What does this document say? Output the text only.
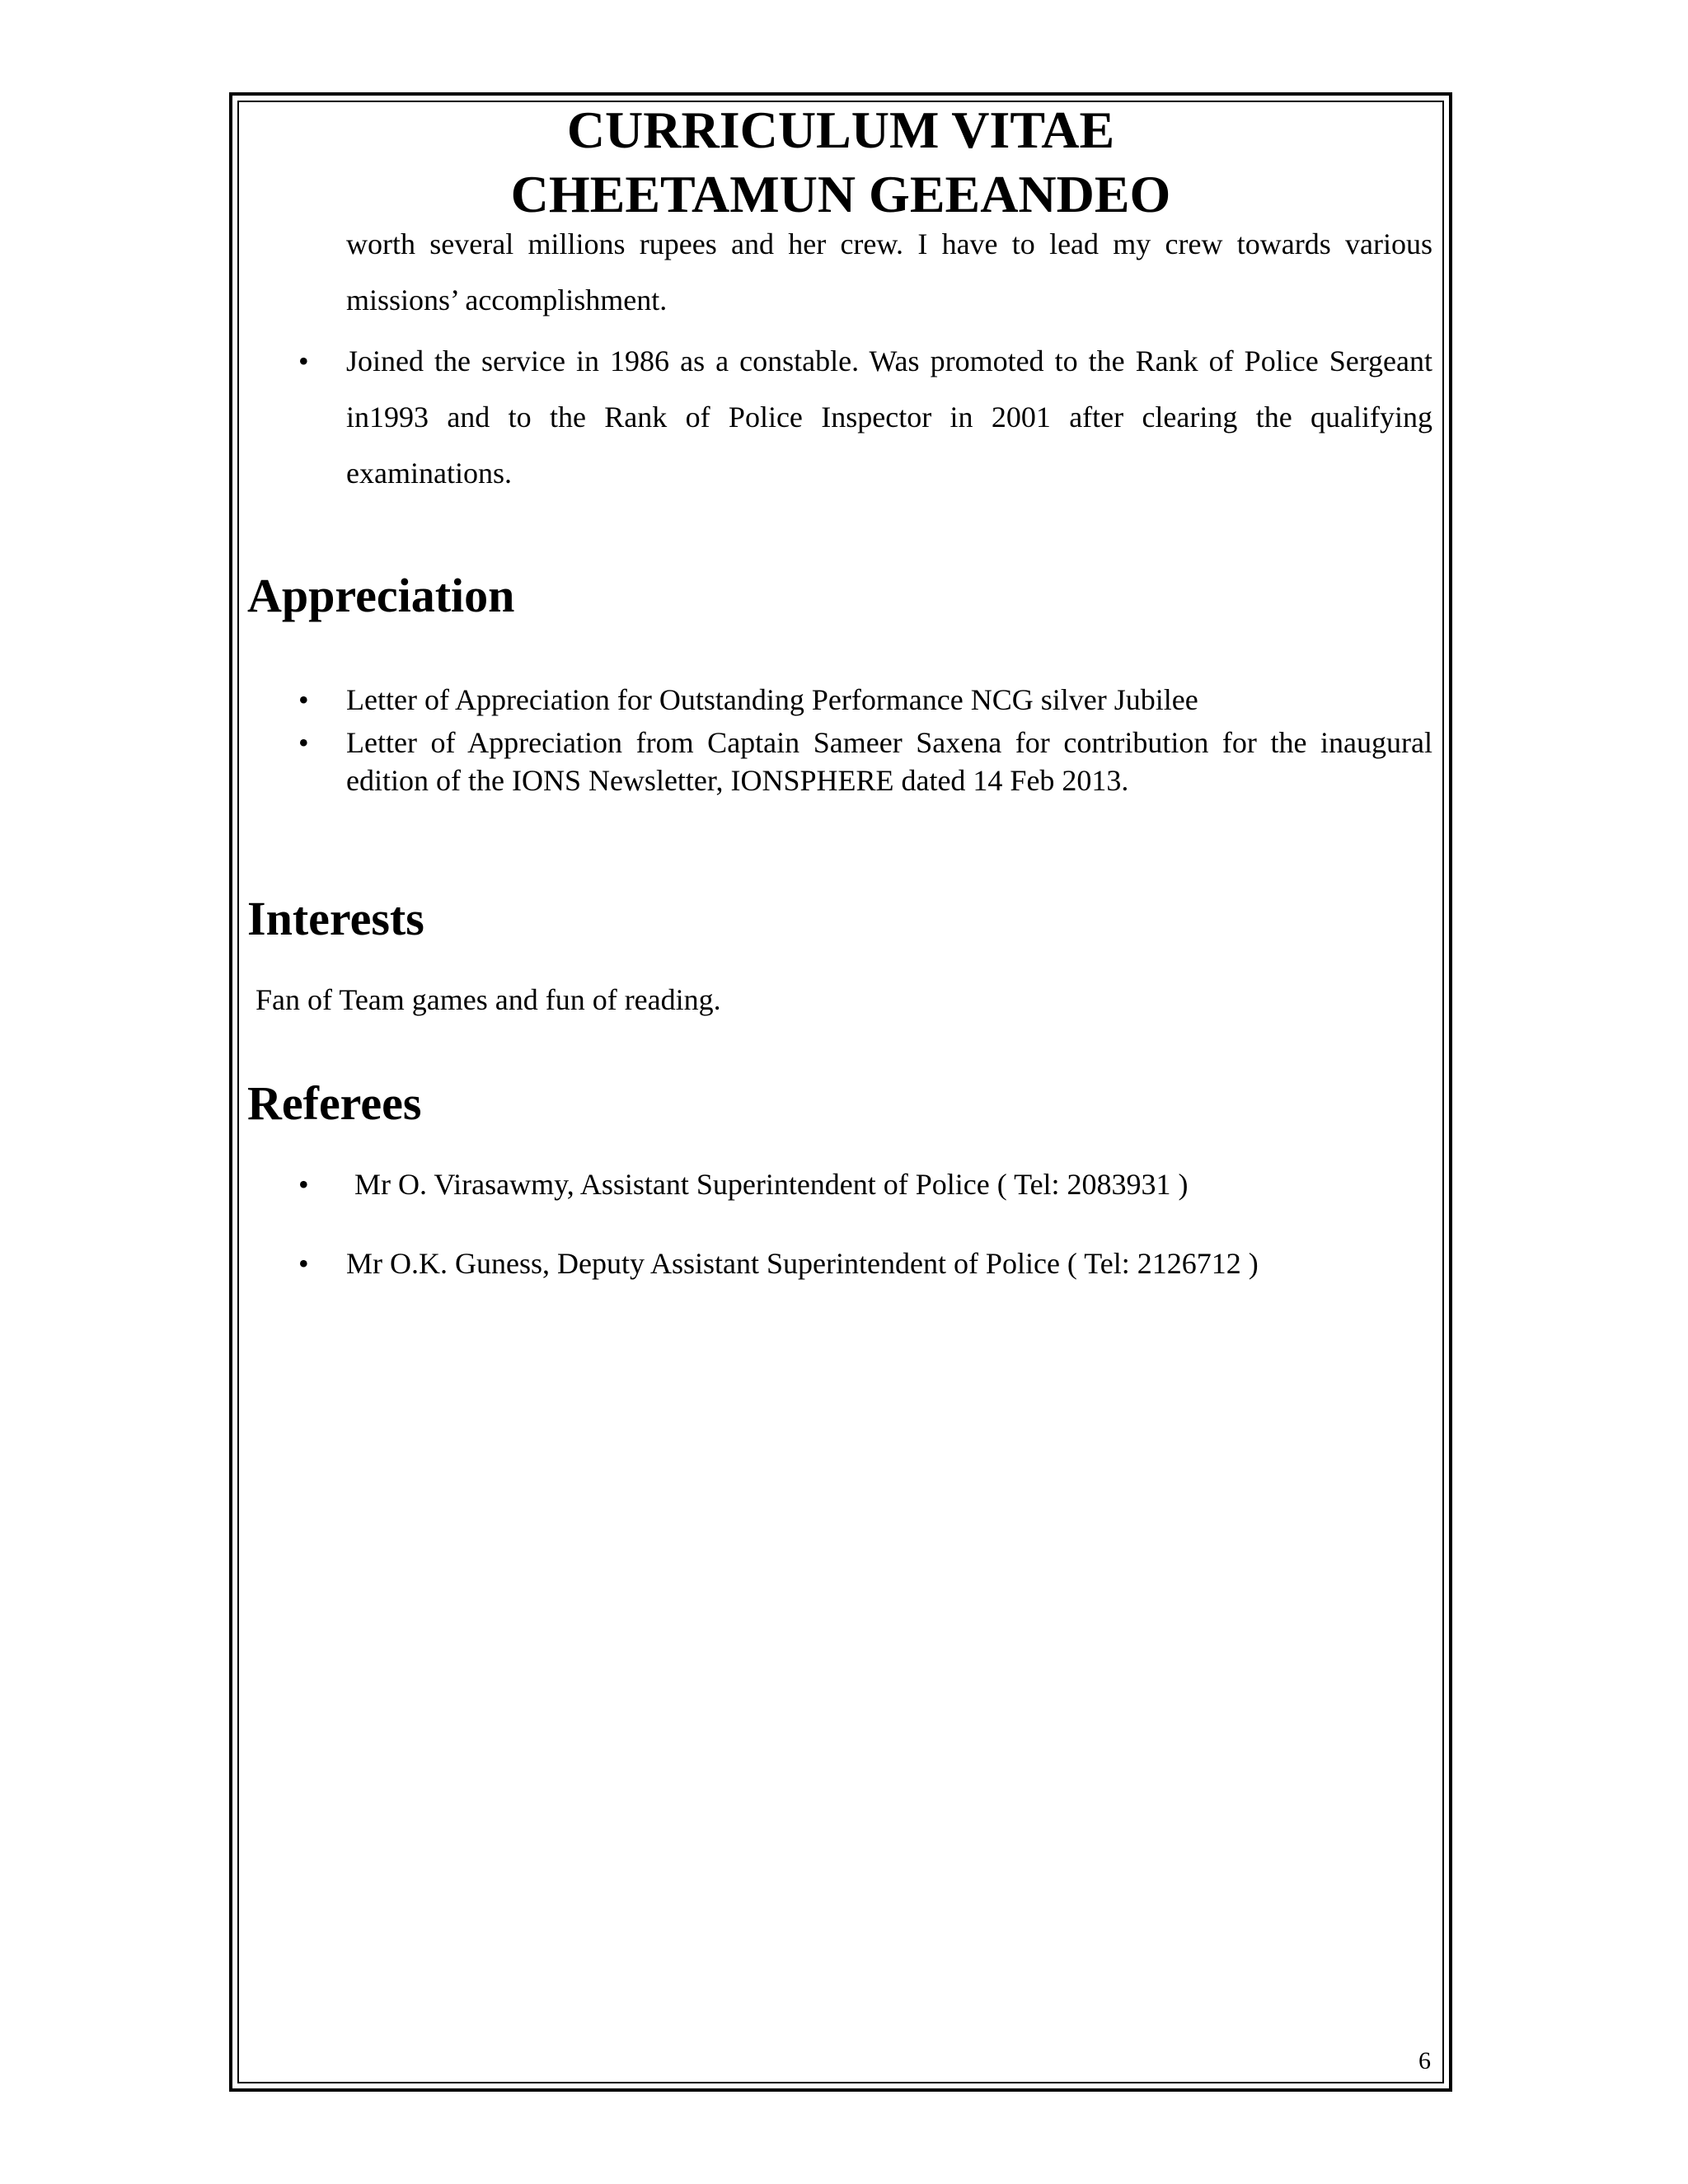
CURRICULUM VITAE
CHEETAMUN GEEANDEO

worth several millions rupees and her crew. I have to lead my crew towards various missions’ accomplishment.

• Joined the service in 1986 as a constable. Was promoted to the Rank of Police Sergeant in1993 and to the Rank of Police Inspector in 2001 after clearing the qualifying examinations.

Appreciation
• Letter of Appreciation for Outstanding Performance NCG silver Jubilee

• Letter of Appreciation from Captain Sameer Saxena for contribution for the inaugural edition of the IONS Newsletter, IONSPHERE dated 14 Feb 2013.

Interests

Fan of Team games and fun of reading.

Referees
• Mr O. Virasawmy, Assistant Superintendent of Police ( Tel: 2083931 )

• Mr O.K. Guness, Deputy Assistant Superintendent of Police ( Tel: 2126712 )

6
